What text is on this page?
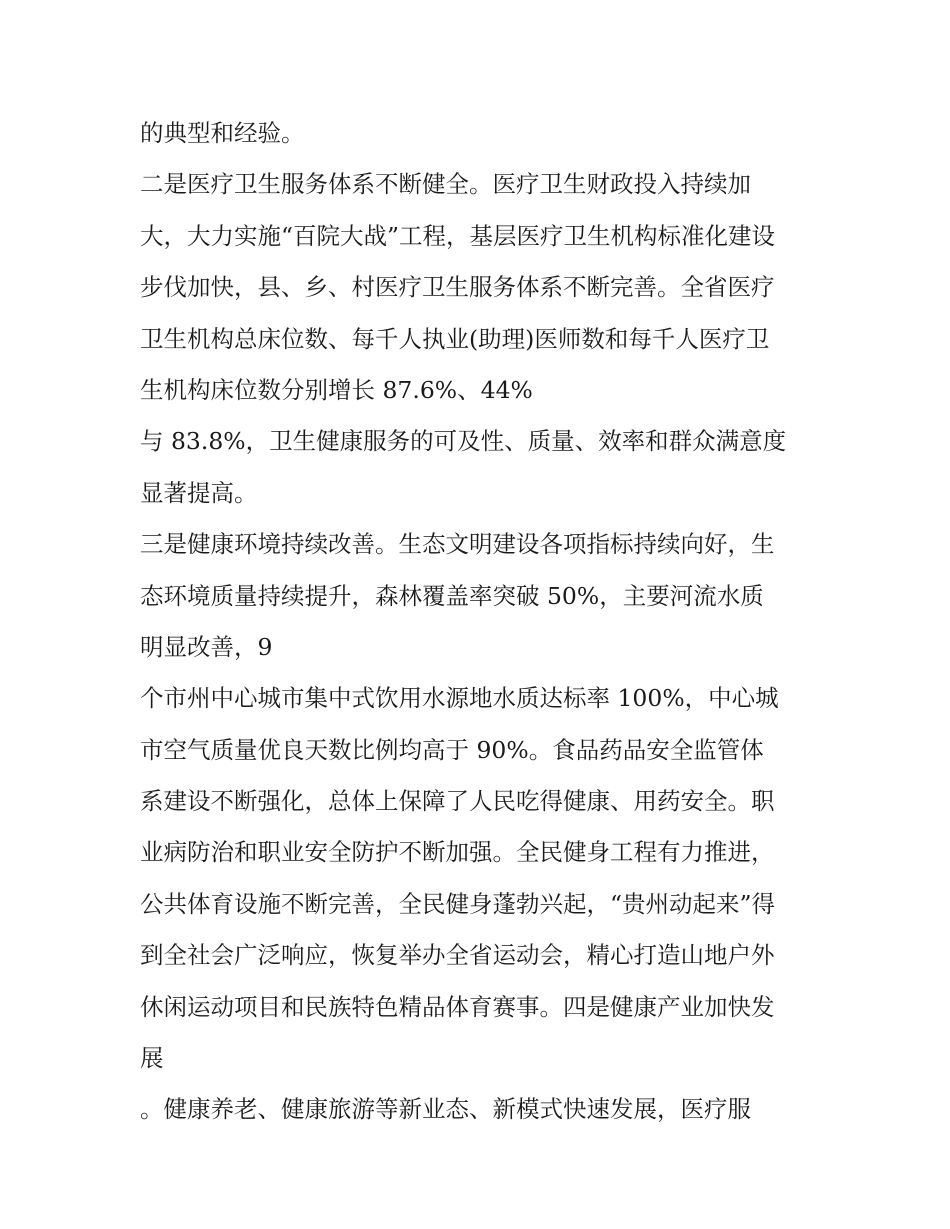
的典型和经验。
二是医疗卫生服务体系不断健全。医疗卫生财政投入持续加
大，大力实施“百院大战”工程，基层医疗卫生机构标准化建设
步伐加快，县、乡、村医疗卫生服务体系不断完善。全省医疗
卫生机构总床位数、每千人执业(助理)医师数和每千人医疗卫
生机构床位数分别增长 87.6%、44%
与 83.8%，卫生健康服务的可及性、质量、效率和群众满意度
显著提高。
三是健康环境持续改善。生态文明建设各项指标持续向好，生
态环境质量持续提升，森林覆盖率突破 50%，主要河流水质
明显改善，9
个市州中心城市集中式饮用水源地水质达标率 100%，中心城
市空气质量优良天数比例均高于 90%。食品药品安全监管体
系建设不断强化，总体上保障了人民吃得健康、用药安全。职
业病防治和职业安全防护不断加强。全民健身工程有力推进，
公共体育设施不断完善，全民健身蓬勃兴起，“贵州动起来”得
到全社会广泛响应，恢复举办全省运动会，精心打造山地户外
休闲运动项目和民族特色精品体育赛事。四是健康产业加快发
展
。健康养老、健康旅游等新业态、新模式快速发展，医疗服
